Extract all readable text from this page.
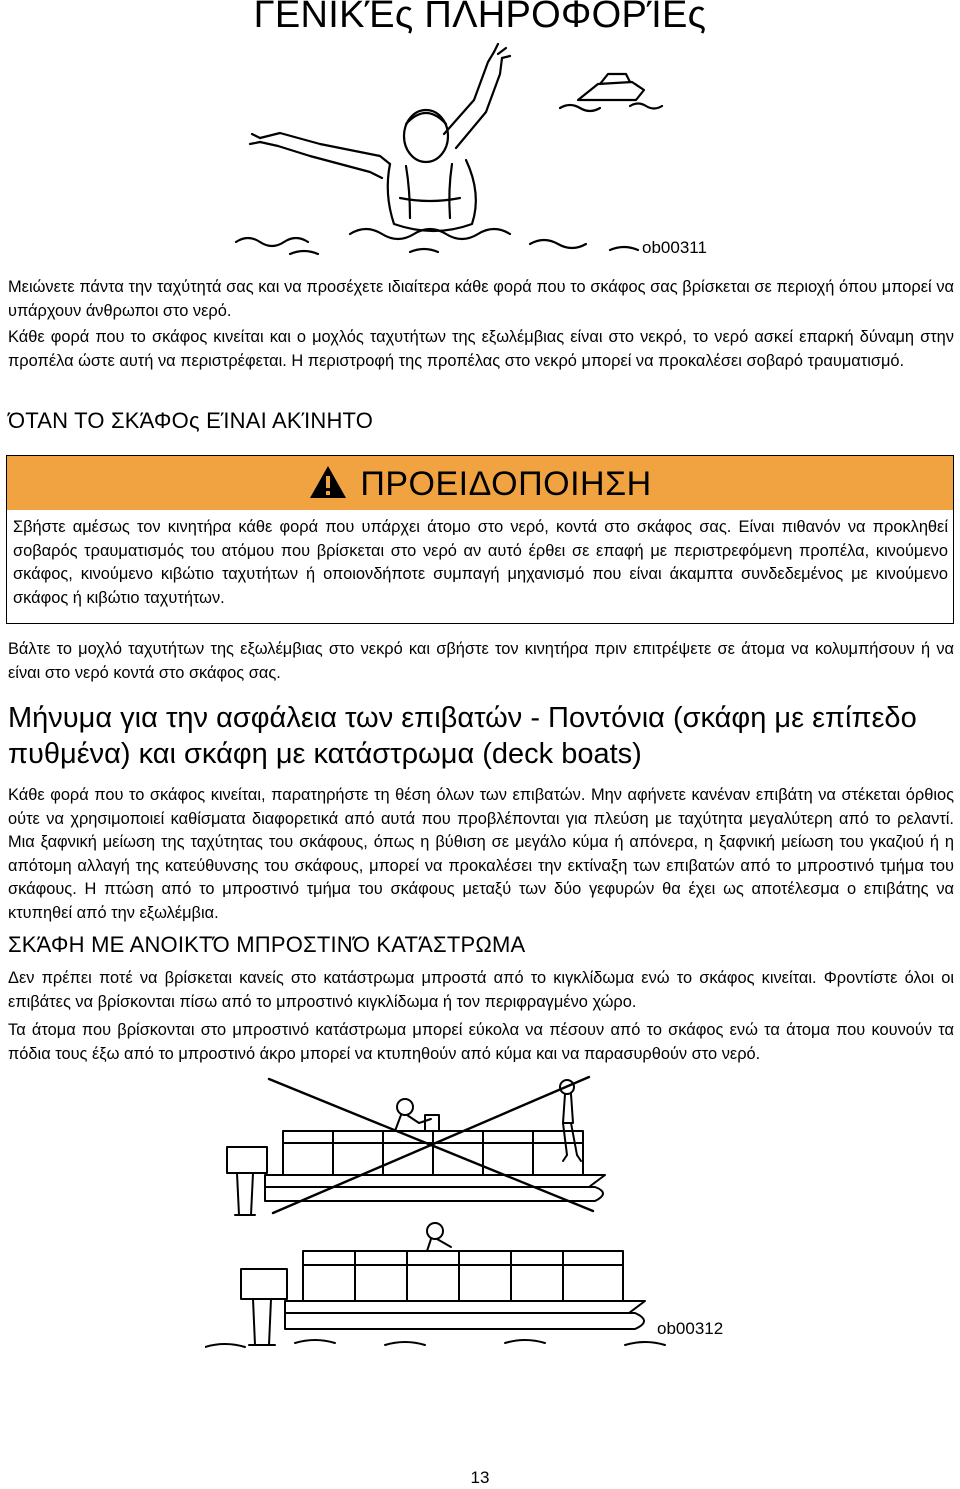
ΓΕΝΙΚΈς ΠΛΗΡΟΦΟΡΊΕς
ob00311

Μειώνετε πάντα την ταχύτητά σας και να προσέχετε ιδιαίτερα κάθε φορά που το σκάφος σας βρίσκεται σε περιοχή όπου μπορεί να υπάρχουν άνθρωποι στο νερό.

Κάθε φορά που το σκάφος κινείται και ο μοχλός ταχυτήτων της εξωλέμβιας είναι στο νεκρό, το νερό ασκεί επαρκή δύναμη στην προπέλα ώστε αυτή να περιστρέφεται. Η περιστροφή της προπέλας στο νεκρό μπορεί να προκαλέσει σοβαρό τραυματισμό.

ΌΤΑΝ ΤΟ ΣΚΆΦΟς ΕΊΝΑΙ ΑΚΊΝΗΤΟ
ΠΡΟΕΙΔΟΠΟΙΗΣΗ

Σβήστε αμέσως τον κινητήρα κάθε φορά που υπάρχει άτομο στο νερό, κοντά στο σκάφος σας. Είναι πιθανόν να προκληθεί σοβαρός τραυματισμός του ατόμου που βρίσκεται στο νερό αν αυτό έρθει σε επαφή με περιστρεφόμενη προπέλα, κινούμενο σκάφος, κινούμενο κιβώτιο ταχυτήτων ή οποιονδήποτε συμπαγή μηχανισμό που είναι άκαμπτα συνδεδεμένος με κινούμενο σκάφος ή κιβώτιο ταχυτήτων.

Βάλτε το μοχλό ταχυτήτων της εξωλέμβιας στο νεκρό και σβήστε τον κινητήρα πριν επιτρέψετε σε άτομα να κολυμπήσουν ή να είναι στο νερό κοντά στο σκάφος σας.

Μήνυμα για την ασφάλεια των επιβατών - Ποντόνια (σκάφη με επίπεδο πυθμένα) και σκάφη με κατάστρωμα (deck boats)

Κάθε φορά που το σκάφος κινείται, παρατηρήστε τη θέση όλων των επιβατών. Μην αφήνετε κανέναν επιβάτη να στέκεται όρθιος ούτε να χρησιμοποιεί καθίσματα διαφορετικά από αυτά που προβλέπονται για πλεύση με ταχύτητα μεγαλύτερη από το ρελαντί. Μια ξαφνική μείωση της ταχύτητας του σκάφους, όπως η βύθιση σε μεγάλο κύμα ή απόνερα, η ξαφνική μείωση του γκαζιού ή η απότομη αλλαγή της κατεύθυνσης του σκάφους, μπορεί να προκαλέσει την εκτίναξη των επιβατών από το μπροστινό τμήμα του σκάφους. Η πτώση από το μπροστινό τμήμα του σκάφους μεταξύ των δύο γεφυρών θα έχει ως αποτέλεσμα ο επιβάτης να κτυπηθεί από την εξωλέμβια.

ΣΚΆΦΗ ΜΕ ΑΝΟΙΚΤΌ ΜΠΡΟΣΤΙΝΌ ΚΑΤΆΣΤΡΩΜΑ

Δεν πρέπει ποτέ να βρίσκεται κανείς στο κατάστρωμα μπροστά από το κιγκλίδωμα ενώ το σκάφος κινείται. Φροντίστε όλοι οι επιβάτες να βρίσκονται πίσω από το μπροστινό κιγκλίδωμα ή τον περιφραγμένο χώρο.

Τα άτομα που βρίσκονται στο μπροστινό κατάστρωμα μπορεί εύκολα να πέσουν από το σκάφος ενώ τα άτομα που κουνούν τα πόδια τους έξω από το μπροστινό άκρο μπορεί να κτυπηθούν από κύμα και να παρασυρθούν στο νερό.

ob00312
13
